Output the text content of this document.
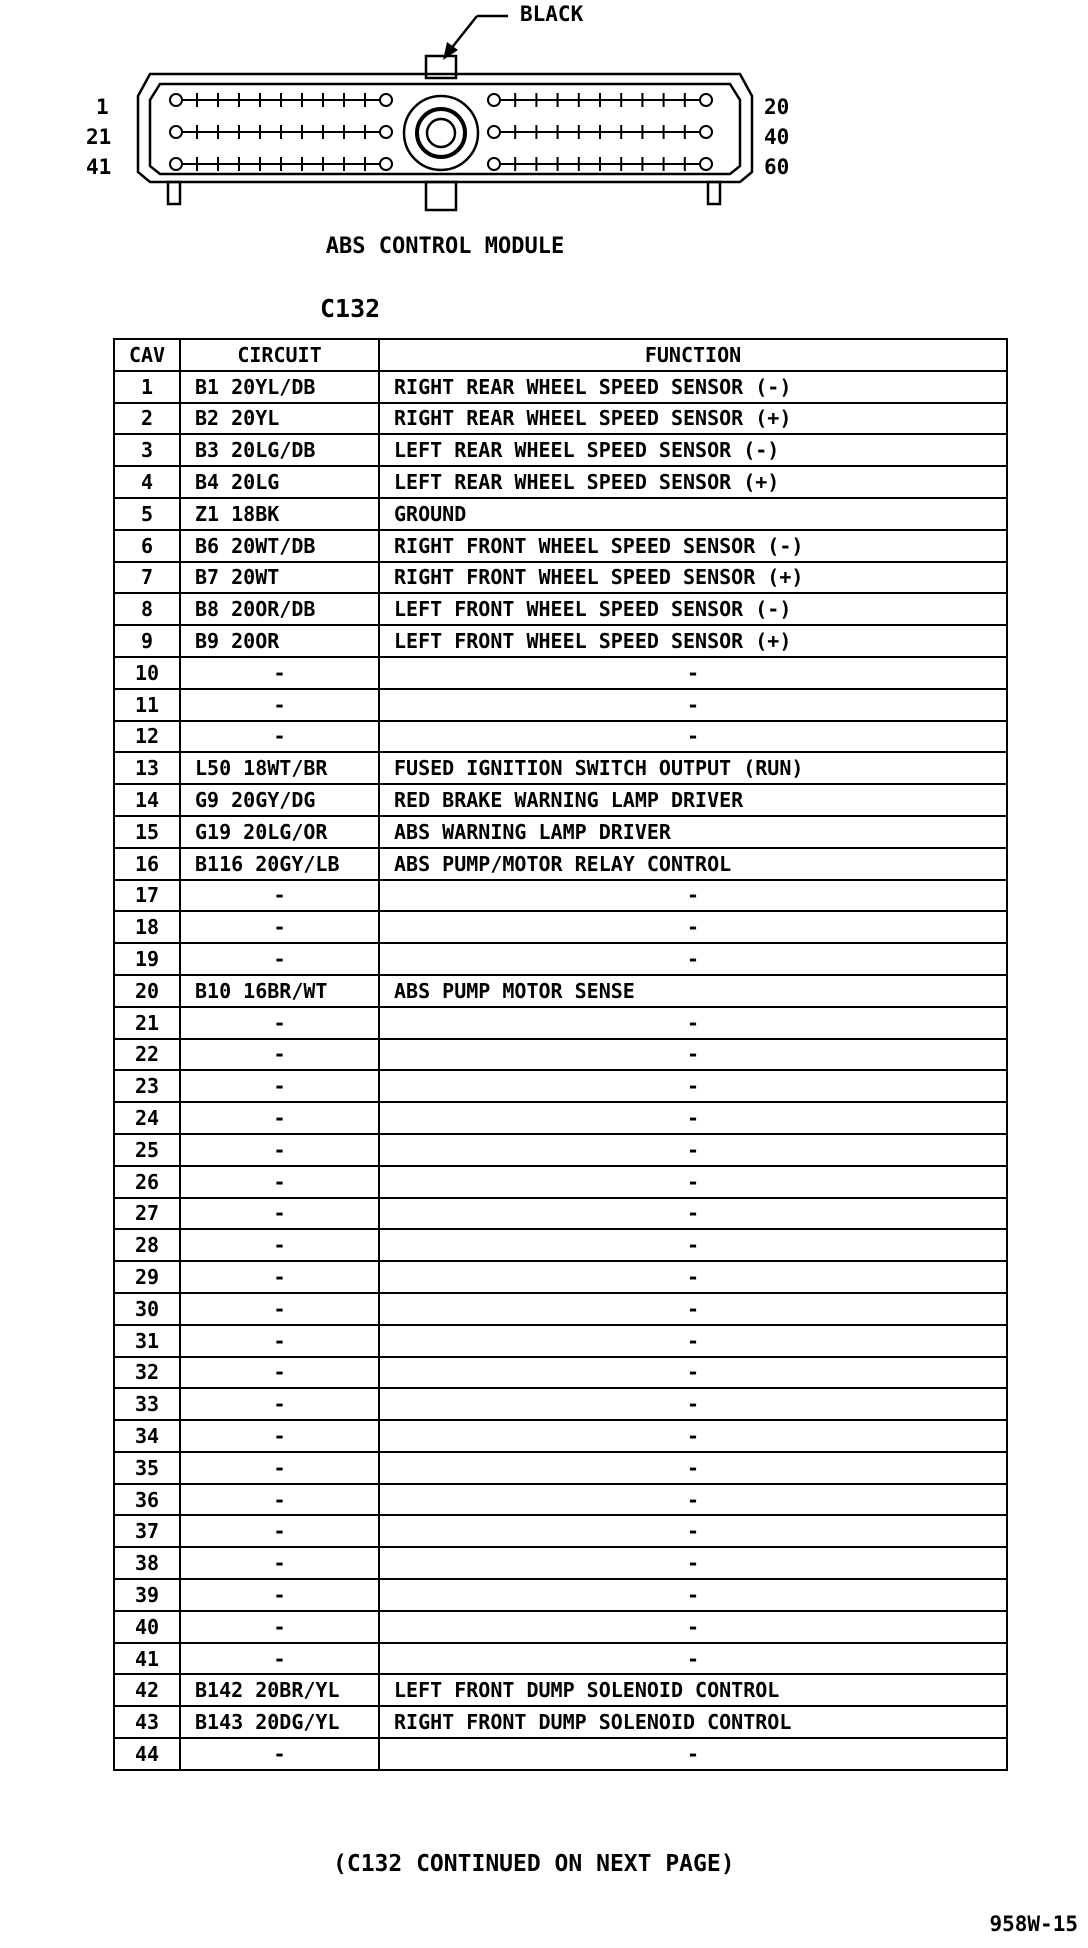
1
21
41
20
40
60
BLACK
ABS CONTROL MODULE
C132
CAV	CIRCUIT	FUNCTION
1	B1 20YL/DB	RIGHT REAR WHEEL SPEED SENSOR (-)
2	B2 20YL	RIGHT REAR WHEEL SPEED SENSOR (+)
3	B3 20LG/DB	LEFT REAR WHEEL SPEED SENSOR (-)
4	B4 20LG	LEFT REAR WHEEL SPEED SENSOR (+)
5	Z1 18BK	GROUND
6	B6 20WT/DB	RIGHT FRONT WHEEL SPEED SENSOR (-)
7	B7 20WT	RIGHT FRONT WHEEL SPEED SENSOR (+)
8	B8 20OR/DB	LEFT FRONT WHEEL SPEED SENSOR (-)
9	B9 20OR	LEFT FRONT WHEEL SPEED SENSOR (+)
10	-	-
11	-	-
12	-	-
13	L50 18WT/BR	FUSED IGNITION SWITCH OUTPUT (RUN)
14	G9 20GY/DG	RED BRAKE WARNING LAMP DRIVER
15	G19 20LG/OR	ABS WARNING LAMP DRIVER
16	B116 20GY/LB	ABS PUMP/MOTOR RELAY CONTROL
17	-	-
18	-	-
19	-	-
20	B10 16BR/WT	ABS PUMP MOTOR SENSE
21	-	-
22	-	-
23	-	-
24	-	-
25	-	-
26	-	-
27	-	-
28	-	-
29	-	-
30	-	-
31	-	-
32	-	-
33	-	-
34	-	-
35	-	-
36	-	-
37	-	-
38	-	-
39	-	-
40	-	-
41	-	-
42	B142 20BR/YL	LEFT FRONT DUMP SOLENOID CONTROL
43	B143 20DG/YL	RIGHT FRONT DUMP SOLENOID CONTROL
44	-	-
(C132 CONTINUED ON NEXT PAGE)
958W-15
